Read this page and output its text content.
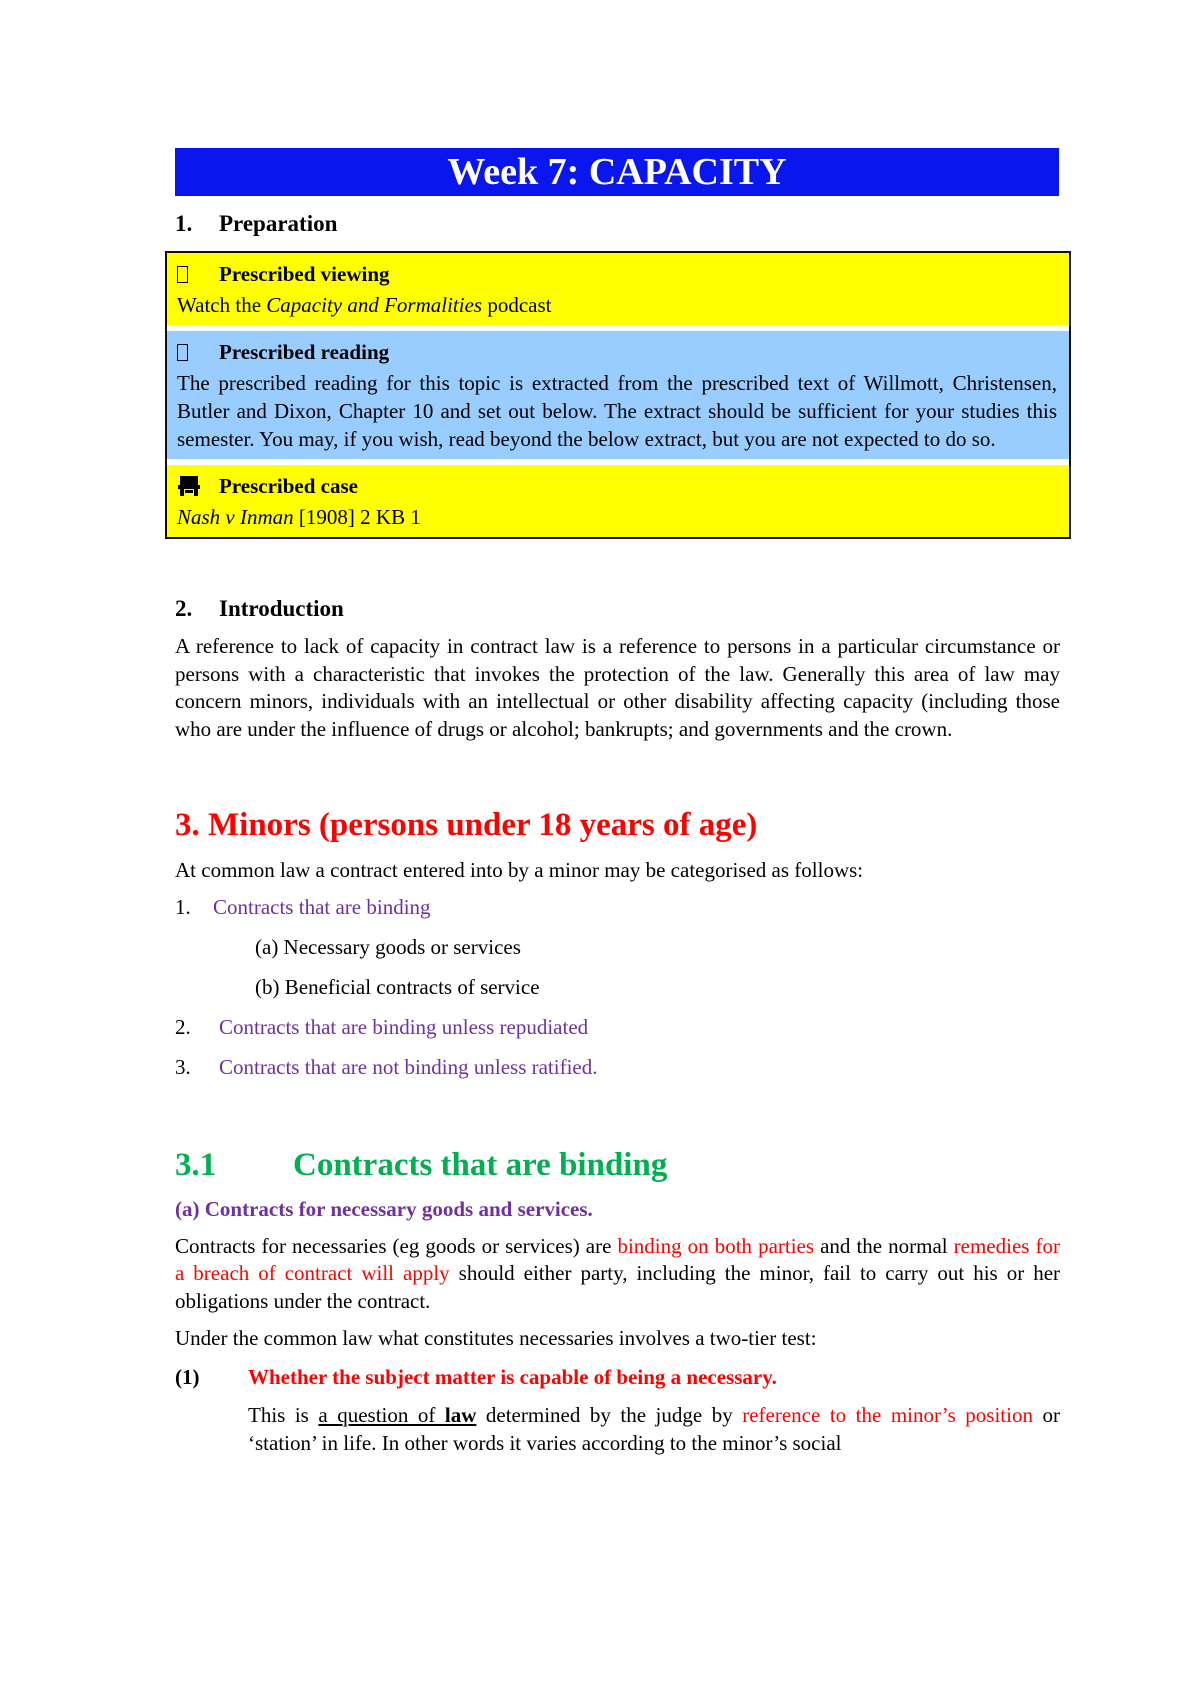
Week 7: CAPACITY
1.	Preparation
Prescribed viewing
Watch the Capacity and Formalities podcast
Prescribed reading
The prescribed reading for this topic is extracted from the prescribed text of Willmott, Christensen, Butler and Dixon, Chapter 10 and set out below. The extract should be sufficient for your studies this semester. You may, if you wish, read beyond the below extract, but you are not expected to do so.
Prescribed case
Nash v Inman [1908] 2 KB 1
2.	Introduction
A reference to lack of capacity in contract law is a reference to persons in a particular circumstance or persons with a characteristic that invokes the protection of the law. Generally this area of law may concern minors, individuals with an intellectual or other disability affecting capacity (including those who are under the influence of drugs or alcohol; bankrupts; and governments and the crown.
3. Minors (persons under 18 years of age)
At common law a contract entered into by a minor may be categorised as follows:
1.	Contracts that are binding
(a) Necessary goods or services
(b) Beneficial contracts of service
2.	Contracts that are binding unless repudiated
3.	Contracts that are not binding unless ratified.
3.1	Contracts that are binding
(a) Contracts for necessary goods and services.
Contracts for necessaries (eg goods or services) are binding on both parties and the normal remedies for a breach of contract will apply should either party, including the minor, fail to carry out his or her obligations under the contract.
Under the common law what constitutes necessaries involves a two-tier test:
(1)	Whether the subject matter is capable of being a necessary.
This is a question of law determined by the judge by reference to the minor’s position or ‘station’ in life. In other words it varies according to the minor’s social
